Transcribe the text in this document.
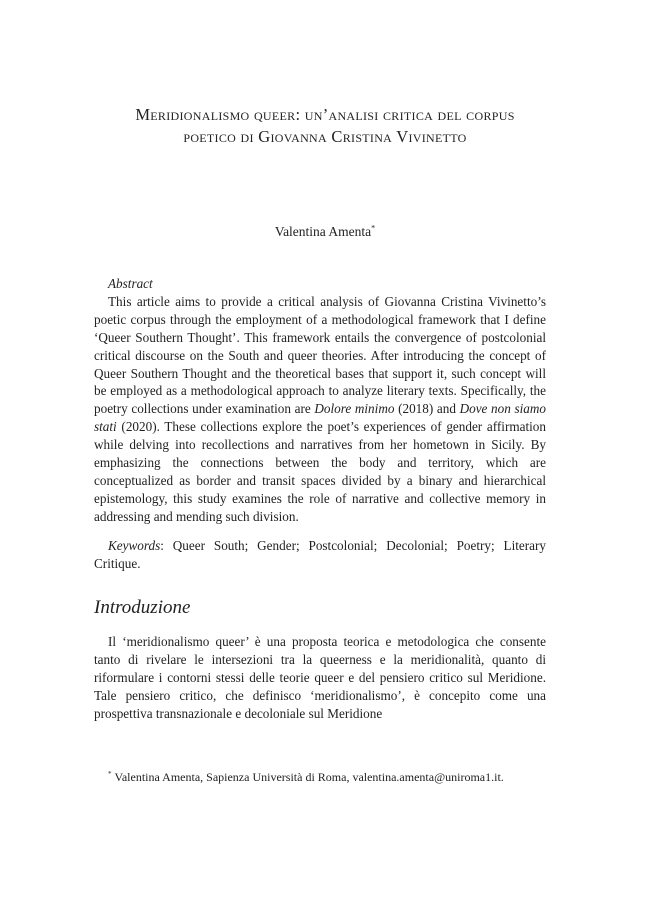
Meridionalismo queer: un’analisi critica del corpus
poetico di Giovanna Cristina Vivinetto
Valentina Amenta*

Abstract

This article aims to provide a critical analysis of Giovanna Cristina Vivinetto’s poetic corpus through the employment of a methodological framework that I define ‘Queer Southern Thought’. This framework entails the convergence of postcolonial critical discourse on the South and queer theories. After introducing the concept of Queer Southern Thought and the theoretical bases that support it, such concept will be employed as a methodological approach to analyze literary texts. Specifically, the poetry collections under examination are Dolore minimo (2018) and Dove non siamo stati (2020). These collections explore the poet’s experiences of gender affirmation while delving into recollections and narratives from her hometown in Sicily. By emphasizing the connections between the body and territory, which are conceptualized as border and transit spaces divided by a binary and hierarchical epistemology, this study examines the role of narrative and collective memory in addressing and mending such division.

Keywords: Queer South; Gender; Postcolonial; Decolonial; Poetry; Literary Critique.

Introduzione

Il ‘meridionalismo queer’ è una proposta teorica e metodologica che consente tanto di rivelare le intersezioni tra la queerness e la meridionalità, quanto di riformulare i contorni stessi delle teorie queer e del pensiero critico sul Meridione. Tale pensiero critico, che definisco ‘meridionalismo’, è concepito come una prospettiva transnazionale e decoloniale sul Meridione

* Valentina Amenta, Sapienza Università di Roma, valentina.amenta@uniroma1.it.
